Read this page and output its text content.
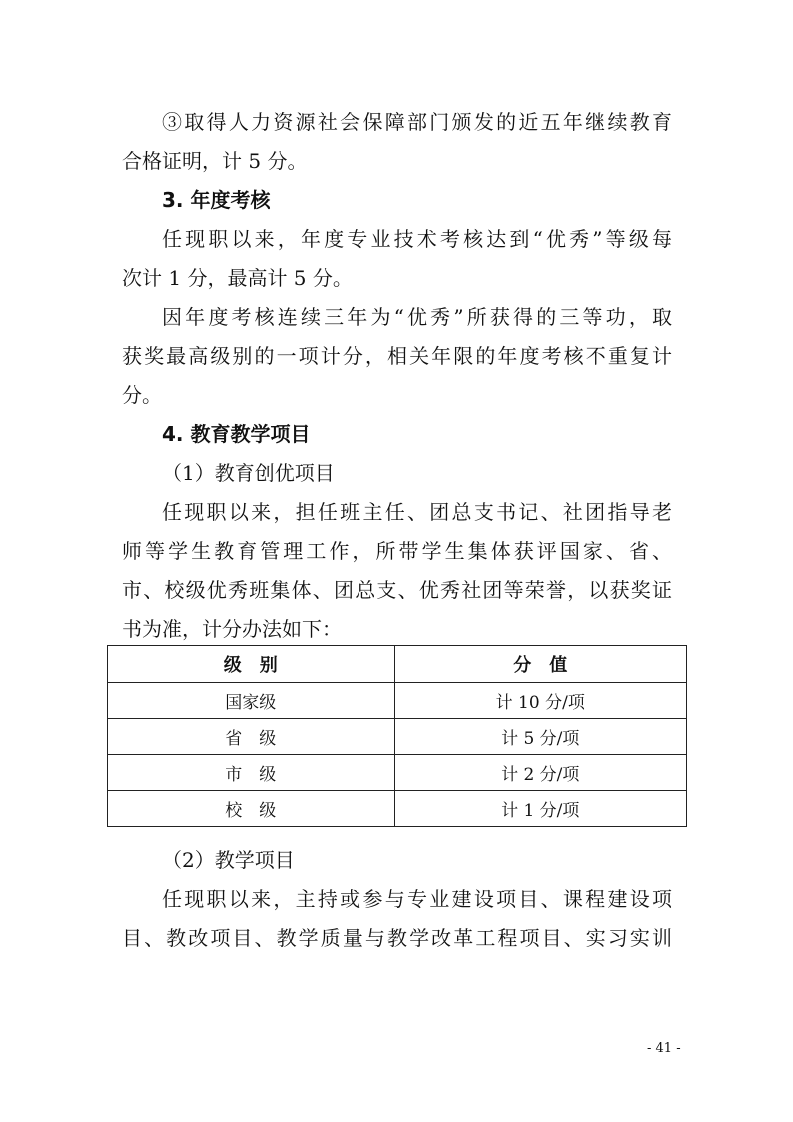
③取得人力资源社会保障部门颁发的近五年继续教育
合格证明，计 5 分。
3. 年度考核
任现职以来，年度专业技术考核达到“优秀”等级每
次计 1 分，最高计 5 分。
因年度考核连续三年为“优秀”所获得的三等功，取
获奖最高级别的一项计分，相关年限的年度考核不重复计
分。
4. 教育教学项目
（1）教育创优项目
任现职以来，担任班主任、团总支书记、社团指导老
师等学生教育管理工作，所带学生集体获评国家、省、
市、校级优秀班集体、团总支、优秀社团等荣誉，以获奖证
书为准，计分办法如下：
级　别	分　值
国家级	计 10 分/项
省　级	计 5 分/项
市　级	计 2 分/项
校　级	计 1 分/项
（2）教学项目
任现职以来，主持或参与专业建设项目、课程建设项
目、教改项目、教学质量与教学改革工程项目、实习实训
- 41 -
